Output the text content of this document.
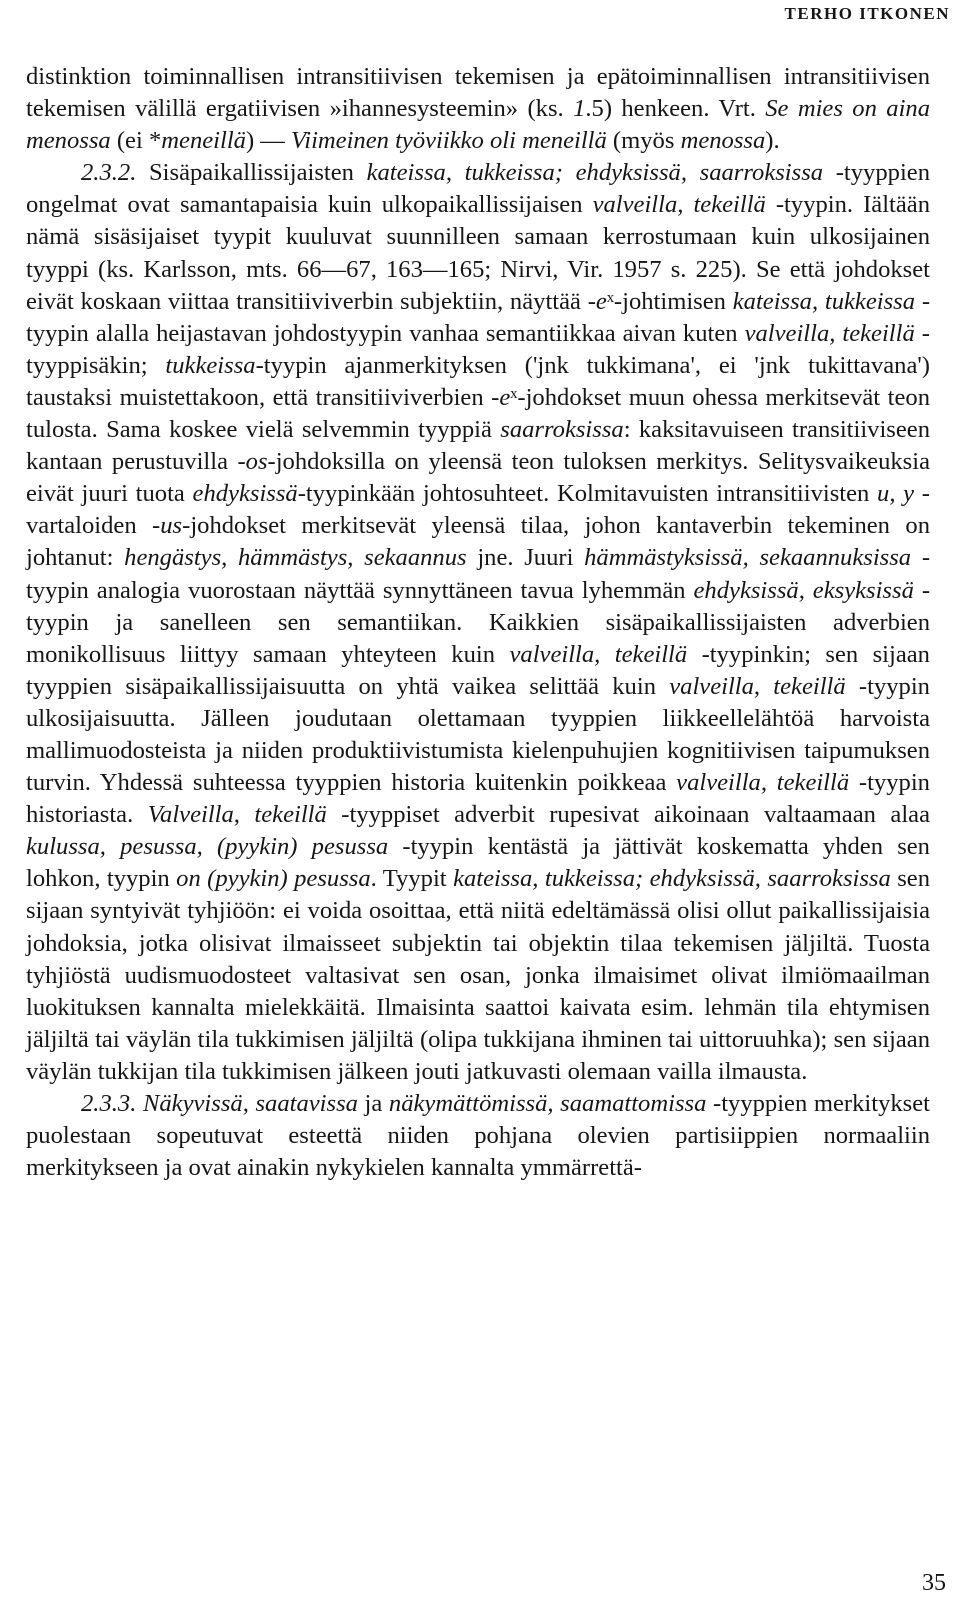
TERHO ITKONEN

distinktion toiminnallisen intransitiivisen tekemisen ja epätoiminnallisen intransitiivisen tekemisen välillä ergatiivisen »ihannesysteemin» (ks. 1.5) henkeen. Vrt. Se mies on aina menossa (ei *meneillä) — Viimeinen työviikko oli meneillä (myös menossa).

2.3.2. Sisäpaikallissijaisten kateissa, tukkeissa; ehdyksissä, saarroksissa -tyyppien ongelmat ovat samantapaisia kuin ulkopaikallissijaisen valveilla, tekeillä -tyypin. Iältään nämä sisäsijaiset tyypit kuuluvat suunnilleen samaan kerrostumaan kuin ulkosijainen tyyppi (ks. Karlsson, mts. 66—67, 163—165; Nirvi, Vir. 1957 s. 225). Se että johdokset eivät koskaan viittaa transitiiviverbin subjektiin, näyttää -eˣ-johtimisen kateissa, tukkeissa -tyypin alalla heijastavan johdostyypin vanhaa semantiikkaa aivan kuten valveilla, tekeillä -tyyppisäkin; tukkeissa-tyypin ajanmerkityksen ('jnk tukkimana', ei 'jnk tukittavana') taustaksi muistettakoon, että transitiiviverbien -eˣ-johdokset muun ohessa merkitsevät teon tulosta. Sama koskee vielä selvemmin tyyppiä saarroksissa: kaksitavuiseen transitiiviseen kantaan perustuvilla -os-johdoksilla on yleensä teon tuloksen merkitys. Selitysvaikeuksia eivät juuri tuota ehdyksissä-tyypinkään johtosuhteet. Kolmitavuisten intransitiivisten u, y -vartaloiden -us-johdokset merkitsevät yleensä tilaa, johon kantaverbin tekeminen on johtanut: hengästys, hämmästys, sekaannus jne. Juuri hämmästyksissä, sekaannuksissa -tyypin analogia vuorostaan näyttää synnyttäneen tavua lyhemmän ehdyksissä, eksyksissä -tyypin ja sanelleen sen semantiikan. Kaikkien sisäpaikallissijaisten adverbien monikollisuus liittyy samaan yhteyteen kuin valveilla, tekeillä -tyypinkin; sen sijaan tyyppien sisäpaikallissijaisuutta on yhtä vaikea selittää kuin valveilla, tekeillä -tyypin ulkosijaisuutta. Jälleen joudutaan olettamaan tyyppien liikkeellelähtöä harvoista mallimuodosteista ja niiden produktiivistumista kielenpuhujien kognitiivisen taipumuksen turvin. Yhdessä suhteessa tyyppien historia kuitenkin poikkeaa valveilla, tekeillä -tyypin historiasta. Valveilla, tekeillä -tyyppiset adverbit rupesivat aikoinaan valtaamaan alaa kulussa, pesussa, (pyykin) pesussa -tyypin kentästä ja jättivät koskematta yhden sen lohkon, tyypin on (pyykin) pesussa. Tyypit kateissa, tukkeissa; ehdyksissä, saarroksissa sen sijaan syntyivät tyhjiöön: ei voida osoittaa, että niitä edeltämässä olisi ollut paikallissijaisia johdoksia, jotka olisivat ilmaisseet subjektin tai objektin tilaa tekemisen jäljiltä. Tuosta tyhjiöstä uudismuodosteet valtasivat sen osan, jonka ilmaisimet olivat ilmiömaailman luokituksen kannalta mielekkäitä. Ilmaisinta saattoi kaivata esim. lehmän tila ehtymisen jäljiltä tai väylän tila tukkimisen jäljiltä (olipa tukkijana ihminen tai uittoruuhka); sen sijaan väylän tukkijan tila tukkimisen jälkeen jouti jatkuvasti olemaan vailla ilmausta.

2.3.3. Näkyvissä, saatavissa ja näkymättömissä, saamattomissa -tyyppien merkitykset puolestaan sopeutuvat esteettä niiden pohjana olevien partisiippien normaaliin merkitykseen ja ovat ainakin nykykielen kannalta ymmärrettä-

35
